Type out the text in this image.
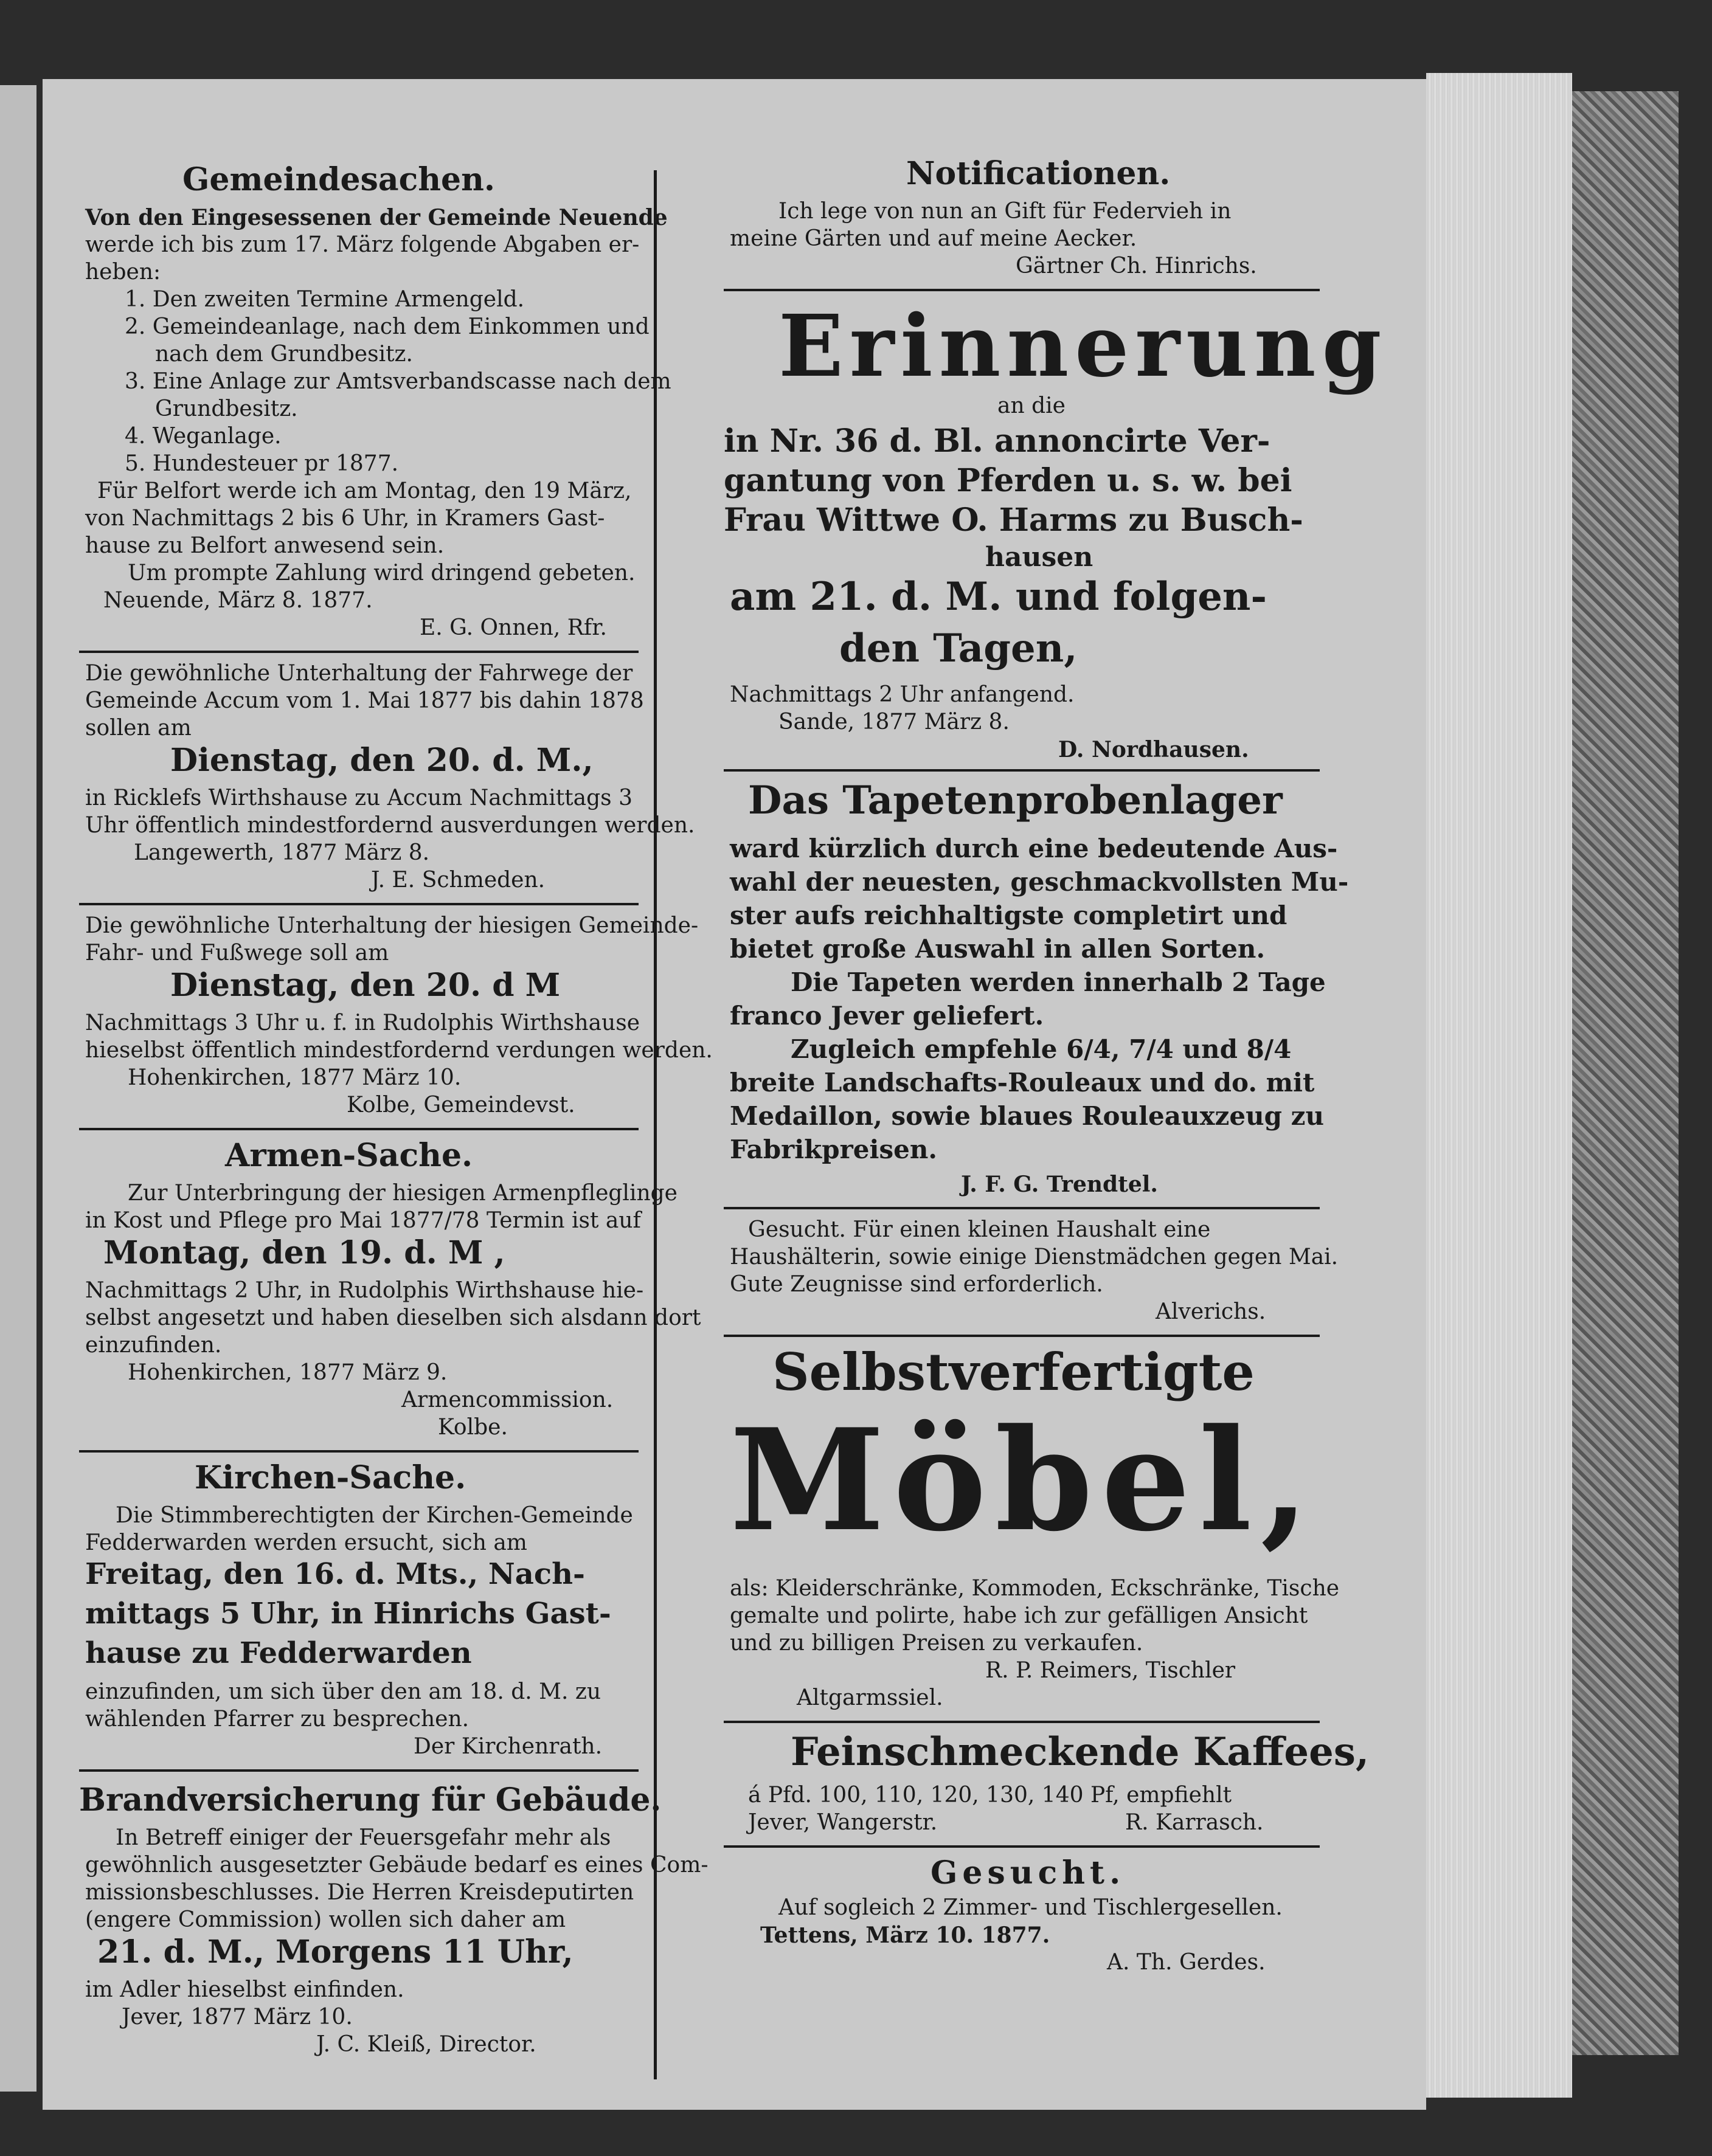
Gemeindesachen.
Von den Eingesessenen der Gemeinde Neuende
werde ich bis zum 17. März folgende Abgaben er-
heben:
1. Den zweiten Termine Armengeld.
2. Gemeindeanlage, nach dem Einkommen und
nach dem Grundbesitz.
3. Eine Anlage zur Amtsverbandscasse nach dem
Grundbesitz.
4. Weganlage.
5. Hundesteuer pr 1877.
Für Belfort werde ich am Montag, den 19 März,
von Nachmittags 2 bis 6 Uhr, in Kramers Gast-
hause zu Belfort anwesend sein.
Um prompte Zahlung wird dringend gebeten.
Neuende, März 8. 1877.
E. G. Onnen, Rfr.
Die gewöhnliche Unterhaltung der Fahrwege der
Gemeinde Accum vom 1. Mai 1877 bis dahin 1878
sollen am
Dienstag, den 20. d. M.,
in Ricklefs Wirthshause zu Accum Nachmittags 3
Uhr öffentlich mindestfordernd ausverdungen werden.
Langewerth, 1877 März 8.
J. E. Schmeden.
Die gewöhnliche Unterhaltung der hiesigen Gemeinde-
Fahr- und Fußwege soll am
Dienstag, den 20. d M
Nachmittags 3 Uhr u. f. in Rudolphis Wirthshause
hieselbst öffentlich mindestfordernd verdungen werden.
Hohenkirchen, 1877 März 10.
Kolbe, Gemeindevst.
Armen-Sache.
Zur Unterbringung der hiesigen Armenpfleglinge
in Kost und Pflege pro Mai 1877/78 Termin ist auf
Montag, den 19. d. M ,
Nachmittags 2 Uhr, in Rudolphis Wirthshause hie-
selbst angesetzt und haben dieselben sich alsdann dort
einzufinden.
Hohenkirchen, 1877 März 9.
Armencommission.
Kolbe.
Kirchen-Sache.
Die Stimmberechtigten der Kirchen-Gemeinde
Fedderwarden werden ersucht, sich am
Freitag, den 16. d. Mts., Nach-
mittags 5 Uhr, in Hinrichs Gast-
hause zu Fedderwarden
einzufinden, um sich über den am 18. d. M. zu
wählenden Pfarrer zu besprechen.
Der Kirchenrath.
Brandversicherung für Gebäude.
In Betreff einiger der Feuersgefahr mehr als
gewöhnlich ausgesetzter Gebäude bedarf es eines Com-
missionsbeschlusses. Die Herren Kreisdeputirten
(engere Commission) wollen sich daher am
21. d. M., Morgens 11 Uhr,
im Adler hieselbst einfinden.
Jever, 1877 März 10.
J. C. Kleiß, Director.
Notificationen.
Ich lege von nun an Gift für Federvieh in
meine Gärten und auf meine Aecker.
Gärtner Ch. Hinrichs.
Erinnerung
an die
in Nr. 36 d. Bl. annoncirte Ver-
gantung von Pferden u. s. w. bei
Frau Wittwe O. Harms zu Busch-
hausen
am 21. d. M. und folgen-
den Tagen,
Nachmittags 2 Uhr anfangend.
Sande, 1877 März 8.
D. Nordhausen.
Das Tapetenprobenlager
ward kürzlich durch eine bedeutende Aus-
wahl der neuesten, geschmackvollsten Mu-
ster aufs reichhaltigste completirt und
bietet große Auswahl in allen Sorten.
Die Tapeten werden innerhalb 2 Tage
franco Jever geliefert.
Zugleich empfehle 6/4, 7/4 und 8/4
breite Landschafts-Rouleaux und do. mit
Medaillon, sowie blaues Rouleauxzeug zu
Fabrikpreisen.
J. F. G. Trendtel.
Gesucht. Für einen kleinen Haushalt eine
Haushälterin, sowie einige Dienstmädchen gegen Mai.
Gute Zeugnisse sind erforderlich.
Alverichs.
Selbstverfertigte
Möbel,
als: Kleiderschränke, Kommoden, Eckschränke, Tische
gemalte und polirte, habe ich zur gefälligen Ansicht
und zu billigen Preisen zu verkaufen.
R. P. Reimers, Tischler
Altgarmssiel.
Feinschmeckende Kaffees,
á Pfd. 100, 110, 120, 130, 140 Pf, empfiehlt
Jever, Wangerstr.	R. Karrasch.
Gesucht.
Auf sogleich 2 Zimmer- und Tischlergesellen.
Tettens, März 10. 1877.
A. Th. Gerdes.
